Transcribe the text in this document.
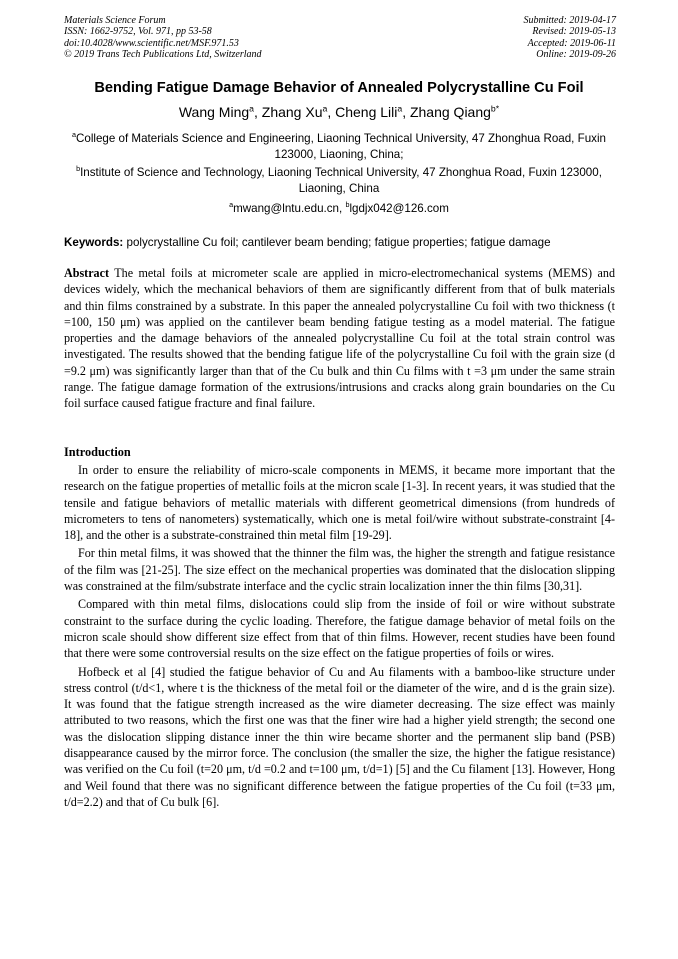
Materials Science Forum
ISSN: 1662-9752, Vol. 971, pp 53-58
doi:10.4028/www.scientific.net/MSF.971.53
© 2019 Trans Tech Publications Ltd, Switzerland
Submitted: 2019-04-17
Revised: 2019-05-13
Accepted: 2019-06-11
Online: 2019-09-26
Bending Fatigue Damage Behavior of Annealed Polycrystalline Cu Foil
Wang Ming$^a$, Zhang Xu$^a$, Cheng Lili$^a$, Zhang Qiang$^{b*}$
$^a$College of Materials Science and Engineering, Liaoning Technical University, 47 Zhonghua Road, Fuxin 123000, Liaoning, China;
$^b$Institute of Science and Technology, Liaoning Technical University, 47 Zhonghua Road, Fuxin 123000, Liaoning, China
$^a$mwang@lntu.edu.cn, $^b$lgdjx042@126.com
Keywords: polycrystalline Cu foil; cantilever beam bending; fatigue properties; fatigue damage
Abstract The metal foils at micrometer scale are applied in micro-electromechanical systems (MEMS) and devices widely, which the mechanical behaviors of them are significantly different from that of bulk materials and thin films constrained by a substrate. In this paper the annealed polycrystalline Cu foil with two thickness (t =100, 150 μm) was applied on the cantilever beam bending fatigue testing as a model material. The fatigue properties and the damage behaviors of the annealed polycrystalline Cu foil at the total strain control was investigated. The results showed that the bending fatigue life of the polycrystalline Cu foil with the grain size (d =9.2 μm) was significantly larger than that of the Cu bulk and thin Cu films with t =3 μm under the same strain range. The fatigue damage formation of the extrusions/intrusions and cracks along grain boundaries on the Cu foil surface caused fatigue fracture and final failure.
Introduction

In order to ensure the reliability of micro-scale components in MEMS, it became more important that the research on the fatigue properties of metallic foils at the micron scale [1-3]. In recent years, it was studied that the tensile and fatigue behaviors of metallic materials with different geometrical dimensions (from hundreds of micrometers to tens of nanometers) systematically, which one is metal foil/wire without substrate-constraint [4-18], and the other is a substrate-constrained thin metal film [19-29].

For thin metal films, it was showed that the thinner the film was, the higher the strength and fatigue resistance of the film was [21-25]. The size effect on the mechanical properties was dominated that the dislocation slipping was constrained at the film/substrate interface and the cyclic strain localization inner the thin films [30,31].

Compared with thin metal films, dislocations could slip from the inside of foil or wire without substrate constraint to the surface during the cyclic loading. Therefore, the fatigue damage behavior of metal foils on the micron scale should show different size effect from that of thin films. However, recent studies have been found that there were some controversial results on the size effect on the fatigue properties of foils or wires.

Hofbeck et al [4] studied the fatigue behavior of Cu and Au filaments with a bamboo-like structure under stress control (t/d<1, where t is the thickness of the metal foil or the diameter of the wire, and d is the grain size). It was found that the fatigue strength increased as the wire diameter decreasing. The size effect was mainly attributed to two reasons, which the first one was that the finer wire had a higher yield strength; the second one was the dislocation slipping distance inner the thin wire became shorter and the permanent slip band (PSB) disappearance caused by the mirror force. The conclusion (the smaller the size, the higher the fatigue resistance) was verified on the Cu foil (t=20 μm, t/d =0.2 and t=100 μm, t/d=1) [5] and the Cu filament [13]. However, Hong and Weil found that there was no significant difference between the fatigue properties of the Cu foil (t=33 μm, t/d=2.2) and that of Cu bulk [6].
